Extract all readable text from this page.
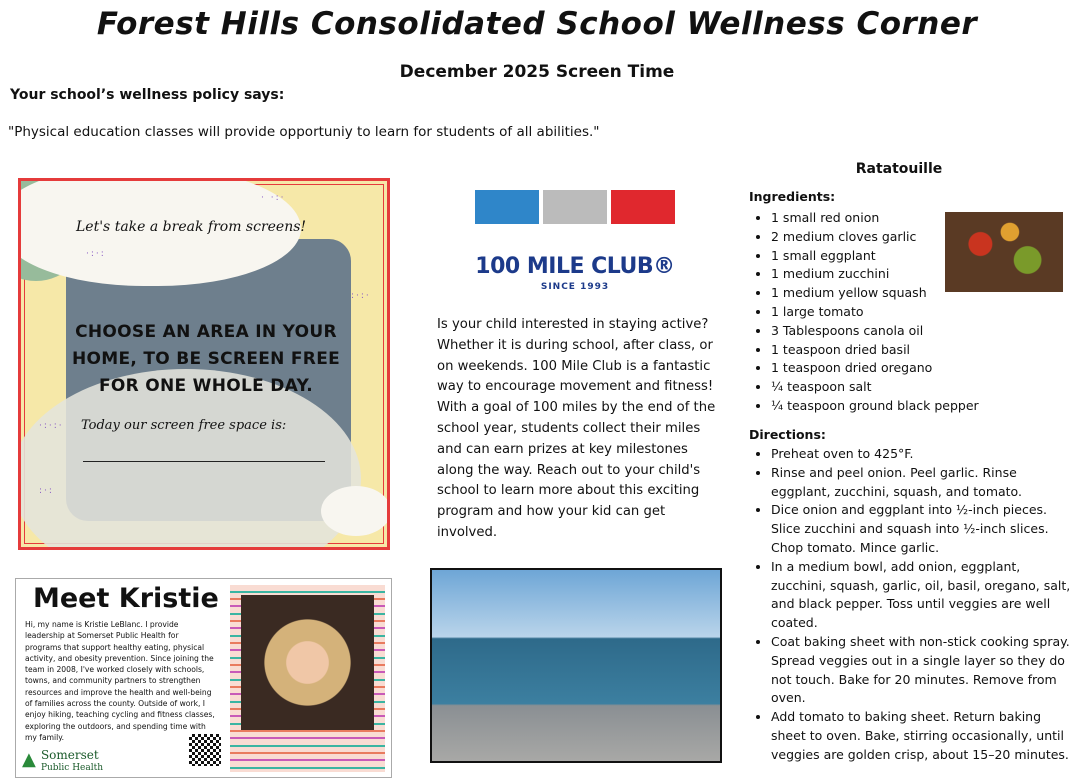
Forest Hills Consolidated School Wellness Corner
December 2025 Screen Time
Your school’s wellness policy says:
"Physical education classes will provide opportuniy to learn for students of all abilities."
· ·:·
·:·:
:·:·
·:·:·
:·:
Let's take a break from screens!
CHOOSE AN AREA IN YOUR HOME, TO BE SCREEN FREE FOR ONE WHOLE DAY.
Today our screen free space is:
100 MILE CLUB®
SINCE 1993
Is your child interested in staying active? Whether it is during school, after class, or on weekends. 100 Mile Club is a fantastic way to encourage movement and fitness! With a goal of 100 miles by the end of the school year, students collect their miles and can earn prizes at key milestones along the way. Reach out to your child's school to learn more about this exciting program and how your kid can get involved.
Meet Kristie
Hi, my name is Kristie LeBlanc. I provide leadership at Somerset Public Health for programs that support healthy eating, physical activity, and obesity prevention. Since joining the team in 2008, I've worked closely with schools, towns, and community partners to strengthen resources and improve the health and well-being of families across the county. Outside of work, I enjoy hiking, teaching cycling and fitness classes, exploring the outdoors, and spending time with my family.
▲ Somerset
Public Health
Ratatouille
Ingredients:
• 1 small red onion
• 2 medium cloves garlic
• 1 small eggplant
• 1 medium zucchini
• 1 medium yellow squash
• 1 large tomato
• 3 Tablespoons canola oil
• 1 teaspoon dried basil
• 1 teaspoon dried oregano
• ¼ teaspoon salt
• ¼ teaspoon ground black pepper
Directions:
• Preheat oven to 425°F.
• Rinse and peel onion. Peel garlic. Rinse eggplant, zucchini, squash, and tomato.
• Dice onion and eggplant into ½-inch pieces. Slice zucchini and squash into ½-inch slices. Chop tomato. Mince garlic.
• In a medium bowl, add onion, eggplant, zucchini, squash, garlic, oil, basil, oregano, salt, and black pepper. Toss until veggies are well coated.
• Coat baking sheet with non-stick cooking spray. Spread veggies out in a single layer so they do not touch. Bake for 20 minutes. Remove from oven.
• Add tomato to baking sheet. Return baking sheet to oven. Bake, stirring occasionally, until veggies are golden crisp, about 15–20 minutes.
